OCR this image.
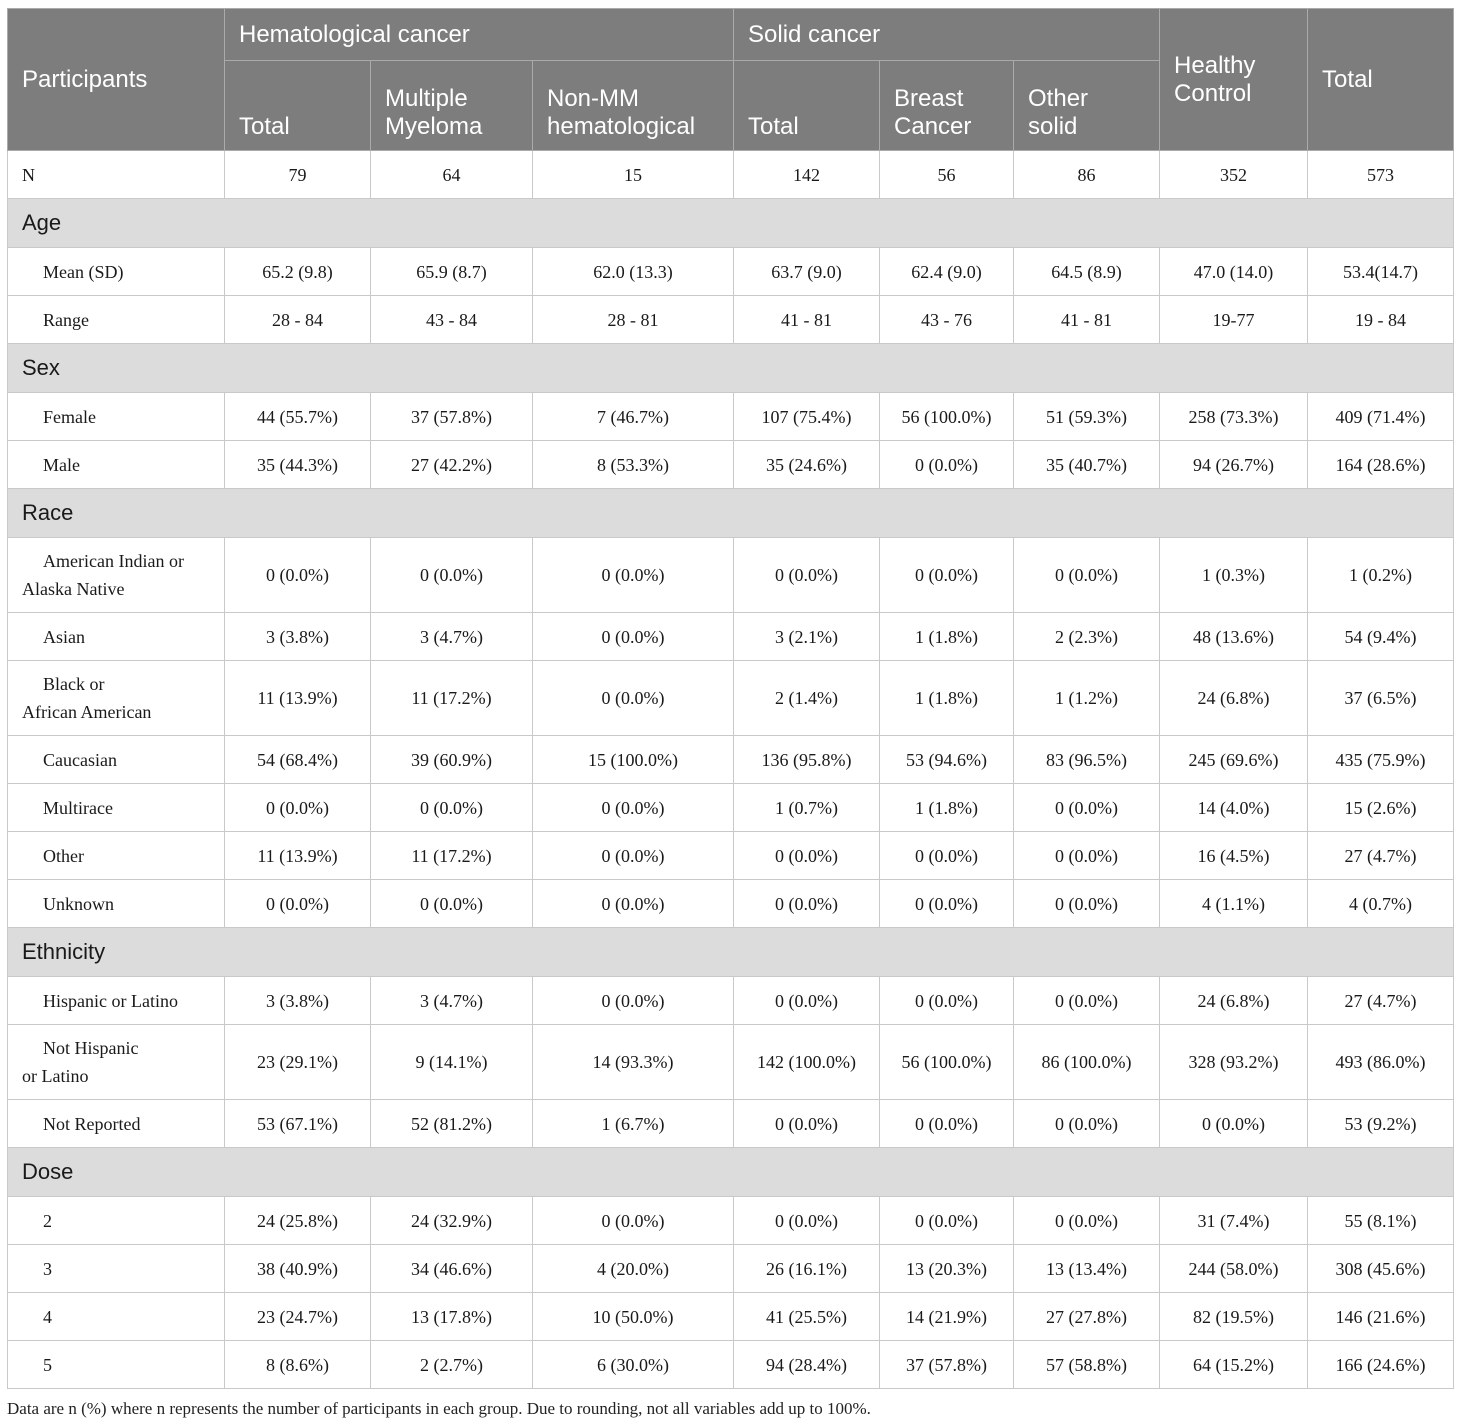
Participants	Hematological cancer			Solid cancer			Healthy Control	Total
	Total	Multiple Myeloma	Non-MM hematological	Total	Breast Cancer	Other solid		

N	79	64	15	142	56	86	352	573
Age								
Mean (SD)	65.2 (9.8)	65.9 (8.7)	62.0 (13.3)	63.7 (9.0)	62.4 (9.0)	64.5 (8.9)	47.0 (14.0)	53.4(14.7)
Range	28 - 84	43 - 84	28 - 81	41 - 81	43 - 76	41 - 81	19-77	19 - 84
Sex								
Female	44 (55.7%)	37 (57.8%)	7 (46.7%)	107 (75.4%)	56 (100.0%)	51 (59.3%)	258 (73.3%)	409 (71.4%)
Male	35 (44.3%)	27 (42.2%)	8 (53.3%)	35 (24.6%)	0 (0.0%)	35 (40.7%)	94 (26.7%)	164 (28.6%)
Race								
American Indian or
Alaska Native	0 (0.0%)	0 (0.0%)	0 (0.0%)	0 (0.0%)	0 (0.0%)	0 (0.0%)	1 (0.3%)	1 (0.2%)
Asian	3 (3.8%)	3 (4.7%)	0 (0.0%)	3 (2.1%)	1 (1.8%)	2 (2.3%)	48 (13.6%)	54 (9.4%)
Black or
African American	11 (13.9%)	11 (17.2%)	0 (0.0%)	2 (1.4%)	1 (1.8%)	1 (1.2%)	24 (6.8%)	37 (6.5%)
Caucasian	54 (68.4%)	39 (60.9%)	15 (100.0%)	136 (95.8%)	53 (94.6%)	83 (96.5%)	245 (69.6%)	435 (75.9%)
Multirace	0 (0.0%)	0 (0.0%)	0 (0.0%)	1 (0.7%)	1 (1.8%)	0 (0.0%)	14 (4.0%)	15 (2.6%)
Other	11 (13.9%)	11 (17.2%)	0 (0.0%)	0 (0.0%)	0 (0.0%)	0 (0.0%)	16 (4.5%)	27 (4.7%)
Unknown	0 (0.0%)	0 (0.0%)	0 (0.0%)	0 (0.0%)	0 (0.0%)	0 (0.0%)	4 (1.1%)	4 (0.7%)
Ethnicity								
Hispanic or Latino	3 (3.8%)	3 (4.7%)	0 (0.0%)	0 (0.0%)	0 (0.0%)	0 (0.0%)	24 (6.8%)	27 (4.7%)
Not Hispanic
or Latino	23 (29.1%)	9 (14.1%)	14 (93.3%)	142 (100.0%)	56 (100.0%)	86 (100.0%)	328 (93.2%)	493 (86.0%)
Not Reported	53 (67.1%)	52 (81.2%)	1 (6.7%)	0 (0.0%)	0 (0.0%)	0 (0.0%)	0 (0.0%)	53 (9.2%)
Dose								
2	24 (25.8%)	24 (32.9%)	0 (0.0%)	0 (0.0%)	0 (0.0%)	0 (0.0%)	31 (7.4%)	55 (8.1%)
3	38 (40.9%)	34 (46.6%)	4 (20.0%)	26 (16.1%)	13 (20.3%)	13 (13.4%)	244 (58.0%)	308 (45.6%)
4	23 (24.7%)	13 (17.8%)	10 (50.0%)	41 (25.5%)	14 (21.9%)	27 (27.8%)	82 (19.5%)	146 (21.6%)
5	8 (8.6%)	2 (2.7%)	6 (30.0%)	94 (28.4%)	37 (57.8%)	57 (58.8%)	64 (15.2%)	166 (24.6%)
Data are n (%) where n represents the number of participants in each group. Due to rounding, not all variables add up to 100%.
